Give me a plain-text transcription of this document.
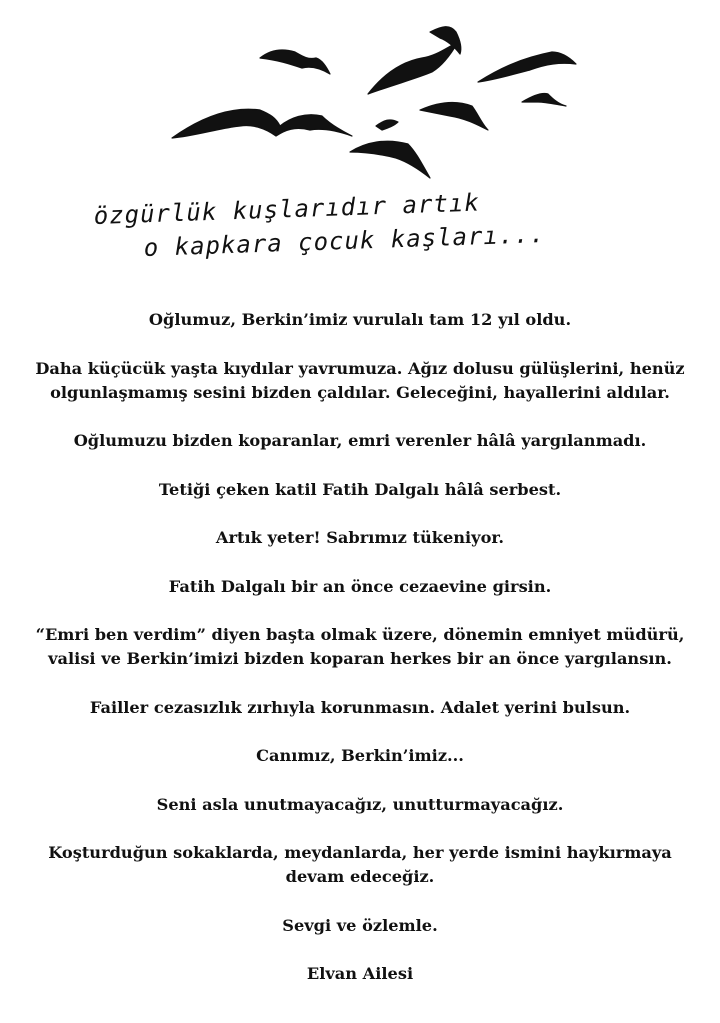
özgürlük kuşlarıdır artık
o kapkara çocuk kaşları...

Oğlumuz, Berkin’imiz vurulalı tam 12 yıl oldu.

Daha küçücük yaşta kıydılar yavrumuza. Ağız dolusu gülüşlerini, henüz olgunlaşmamış sesini bizden çaldılar. Geleceğini, hayallerini aldılar.

Oğlumuzu bizden koparanlar, emri verenler hâlâ yargılanmadı.

Tetiği çeken katil Fatih Dalgalı hâlâ serbest.

Artık yeter! Sabrımız tükeniyor.

Fatih Dalgalı bir an önce cezaevine girsin.

“Emri ben verdim” diyen başta olmak üzere, dönemin emniyet müdürü, valisi ve Berkin’imizi bizden koparan herkes bir an önce yargılansın.

Failler cezasızlık zırhıyla korunmasın. Adalet yerini bulsun.

Canımız, Berkin’imiz...

Seni asla unutmayacağız, unutturmayacağız.

Koşturduğun sokaklarda, meydanlarda, her yerde ismini haykırmaya devam edeceğiz.

Sevgi ve özlemle.

Elvan Ailesi
